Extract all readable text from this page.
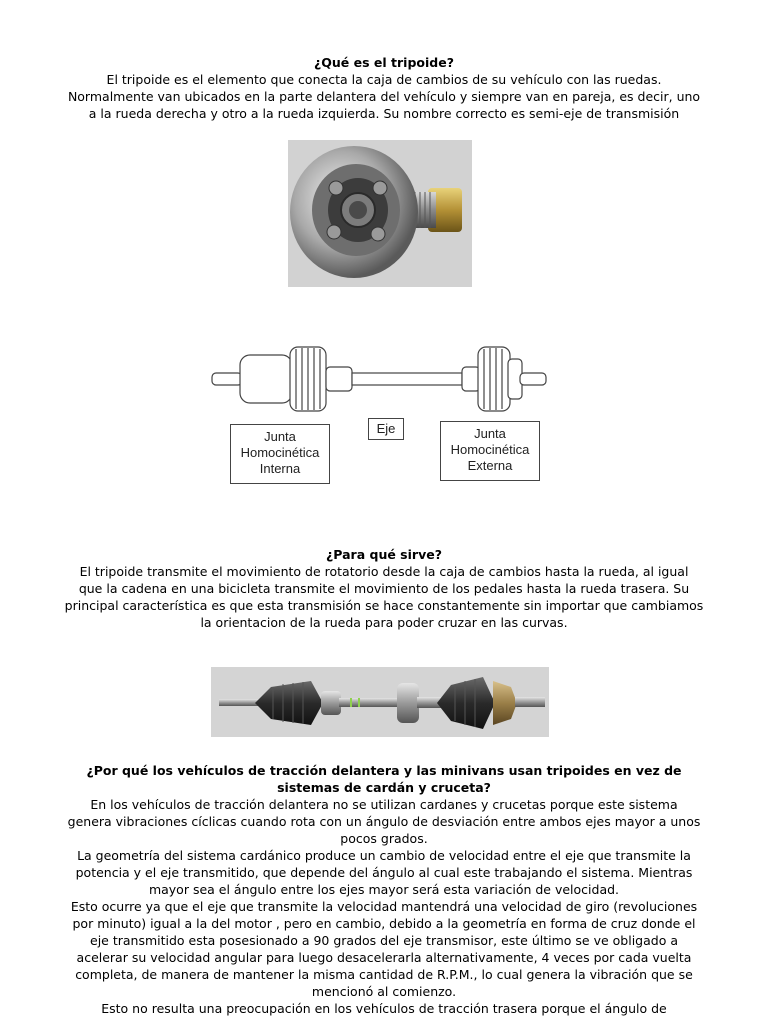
¿Qué es el tripoide?
El tripoide es el elemento que conecta la caja de cambios de su vehículo con las ruedas.
Normalmente van ubicados en la parte delantera del vehículo y siempre van en pareja, es decir, uno
a la rueda derecha y otro a la rueda izquierda. Su nombre correcto es semi-eje de transmisión
Junta
Homocinética
Interna
Eje	Junta
Homocinética
Externa
¿Para qué sirve?
El tripoide transmite el movimiento de rotatorio desde la caja de cambios hasta la rueda, al igual
que la cadena en una bicicleta transmite el movimiento de los pedales hasta la rueda trasera. Su
principal característica es que esta transmisión se hace constantemente sin importar que cambiamos
la orientacion de la rueda para poder cruzar en las curvas.
¿Por qué los vehículos de tracción delantera y las minivans usan tripoides en vez de
sistemas de cardán y cruceta?
En los vehículos de tracción delantera no se utilizan cardanes y crucetas porque este sistema
genera vibraciones cíclicas cuando rota con un ángulo de desviación entre ambos ejes mayor a unos
pocos grados.
La geometría del sistema cardánico produce un cambio de velocidad entre el eje que transmite la
potencia y el eje transmitido, que depende del ángulo al cual este trabajando el sistema. Mientras
mayor sea el ángulo entre los ejes mayor será esta variación de velocidad.
Esto ocurre ya que el eje que transmite la velocidad mantendrá una velocidad de giro (revoluciones
por minuto) igual a la del motor , pero en cambio, debido a la geometría en forma de cruz donde el
eje transmitido esta posesionado a 90 grados del eje transmisor, este último se ve obligado a
acelerar su velocidad angular para luego desacelerarla alternativamente, 4 veces por cada vuelta
completa, de manera de mantener la misma cantidad de R.P.M., lo cual genera la vibración que se
mencionó al comienzo.
Esto no resulta una preocupación en los vehículos de tracción trasera porque el ángulo de
